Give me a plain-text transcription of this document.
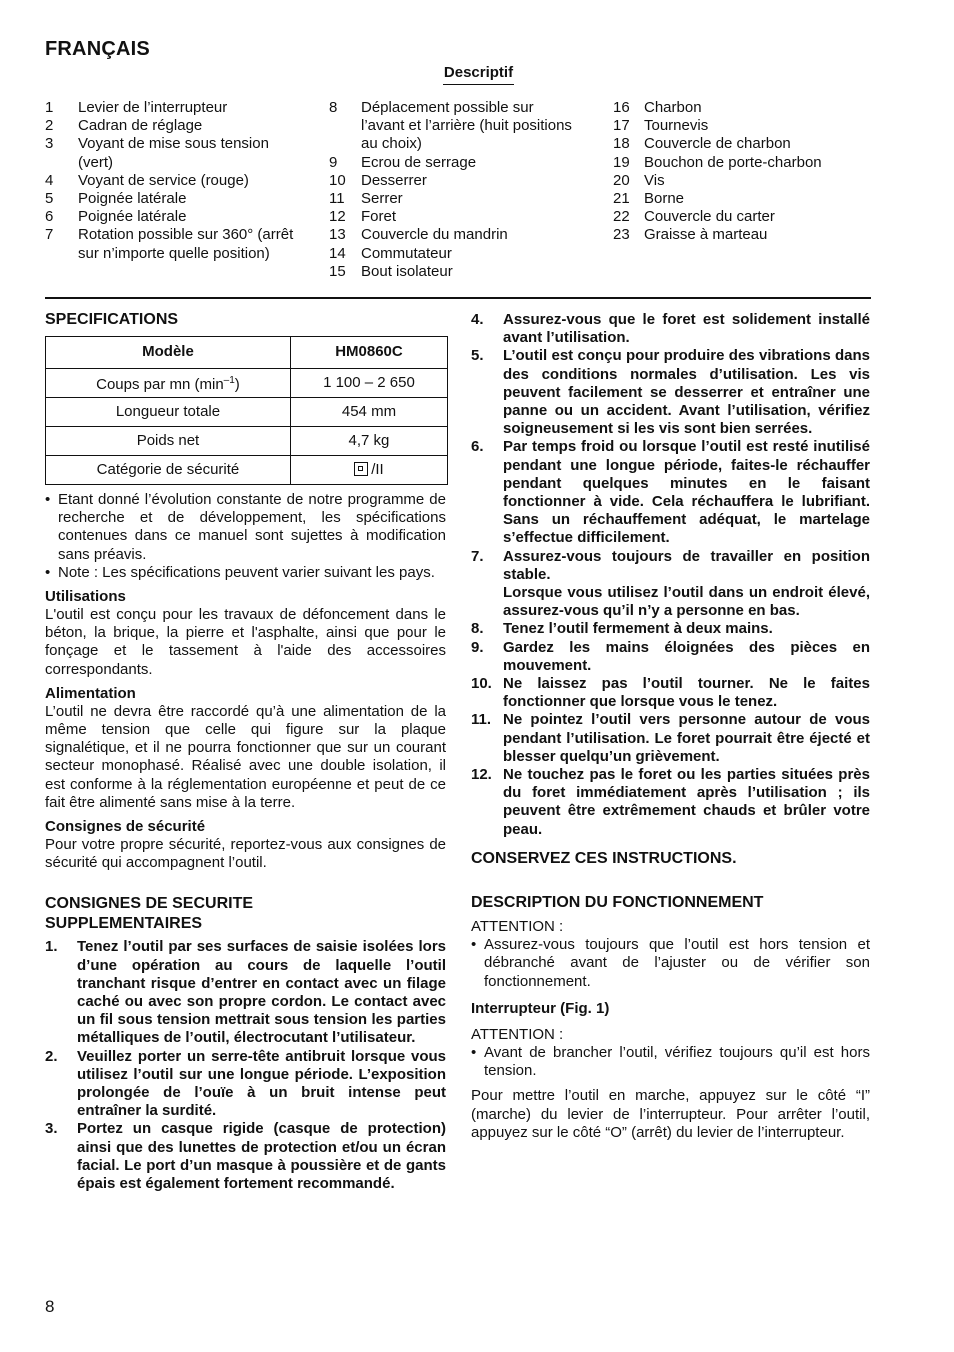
FRANÇAIS
Descriptif
1	Levier de l’interrupteur
2	Cadran de réglage
3	Voyant de mise sous tension (vert)
4	Voyant de service (rouge)
5	Poignée latérale
6	Poignée latérale
7	Rotation possible sur 360° (arrêt sur n’importe quelle position)
8	Déplacement possible sur l’avant et l’arrière (huit positions au choix)
9	Ecrou de serrage
10	Desserrer
11	Serrer
12	Foret
13	Couvercle du mandrin
14	Commutateur
15	Bout isolateur
16 Charbon
17 Tournevis
18 Couvercle de charbon
19 Bouchon de porte-charbon
20 Vis
21 Borne
22 Couvercle du carter
23 Graisse à marteau
SPECIFICATIONS
Modèle	HM0860C
Coups par mn $(\min^{-1})$	1 100 – 2 650
Longueur totale	454 mm
Poids net	4,7 kg
Catégorie de sécurité	/II
• Etant donné l’évolution constante de notre programme de recherche et de développement, les spécifications contenues dans ce manuel sont sujettes à modification sans préavis.
• Note : Les spécifications peuvent varier suivant les pays.
Utilisations
L'outil est conçu pour les travaux de défoncement dans le béton, la brique, la pierre et l'asphalte, ainsi que pour le fonçage et le tassement à l'aide des accessoires correspondants.
Alimentation
L’outil ne devra être raccordé qu’à une alimentation de la même tension que celle qui figure sur la plaque signalétique, et il ne pourra fonctionner que sur un courant secteur monophasé. Réalisé avec une double isolation, il est conforme à la réglementation européenne et peut de ce fait être alimenté sans mise à la terre.
Consignes de sécurité
Pour votre propre sécurité, reportez-vous aux consignes de sécurité qui accompagnent l’outil.
CONSIGNES DE SECURITE
SUPPLEMENTAIRES
1.	Tenez l’outil par ses surfaces de saisie isolées lors d’une opération au cours de laquelle l’outil tranchant risque d’entrer en contact avec un filage caché ou avec son propre cordon. Le contact avec un fil sous tension mettrait sous tension les parties métalliques de l’outil, électrocutant l’utilisateur.
2.	Veuillez porter un serre-tête antibruit lorsque vous utilisez l’outil sur une longue période. L’exposition prolongée de l’ouïe à un bruit intense peut entraîner la surdité.
3.	Portez un casque rigide (casque de protection) ainsi que des lunettes de protection et/ou un écran facial. Le port d’un masque à poussière et de gants épais est également fortement recommandé.
4.	Assurez-vous que le foret est solidement installé avant l’utilisation.
5.	L’outil est conçu pour produire des vibrations dans des conditions normales d’utilisation. Les vis peuvent facilement se desserrer et entraîner une panne ou un accident. Avant l’utilisation, vérifiez soigneusement si les vis sont bien serrées.
6.	Par temps froid ou lorsque l’outil est resté inutilisé pendant une longue période, faites-le réchauffer pendant quelques minutes en le faisant fonctionner à vide. Cela réchauffera le lubrifiant. Sans un réchauffement adéquat, le martelage s’effectue difficilement.
7.	Assurez-vous toujours de travailler en position stable.
Lorsque vous utilisez l’outil dans un endroit élevé, assurez-vous qu’il n’y a personne en bas.
8.	Tenez l’outil fermement à deux mains.
9.	Gardez les mains éloignées des pièces en mouvement.
10. Ne laissez pas l’outil tourner. Ne le faites fonctionner que lorsque vous le tenez.
11. Ne pointez l’outil vers personne autour de vous pendant l’utilisation. Le foret pourrait être éjecté et blesser quelqu’un grièvement.
12. Ne touchez pas le foret ou les parties situées près du foret immédiatement après l’utilisation ; ils peuvent être extrêmement chauds et brûler votre peau.
CONSERVEZ CES INSTRUCTIONS.
DESCRIPTION DU FONCTIONNEMENT
ATTENTION :
• Assurez-vous toujours que l’outil est hors tension et débranché avant de l’ajuster ou de vérifier son fonctionnement.
Interrupteur (Fig. 1)
ATTENTION :
• Avant de brancher l’outil, vérifiez toujours qu’il est hors tension.
Pour mettre l’outil en marche, appuyez sur le côté “I” (marche) du levier de l’interrupteur. Pour arrêter l’outil, appuyez sur le côté “O” (arrêt) du levier de l’interrupteur.
8
